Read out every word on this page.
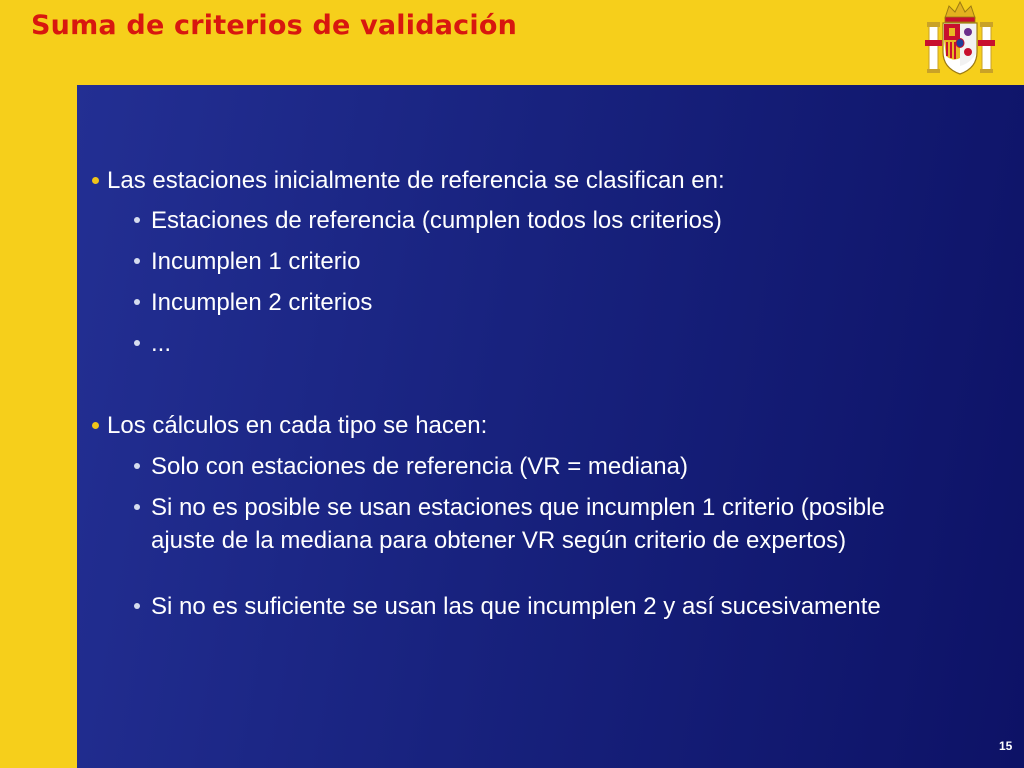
Suma de criterios de validación
Las estaciones inicialmente de referencia se clasifican en:
Estaciones de referencia (cumplen todos los criterios)
Incumplen 1 criterio
Incumplen 2 criterios
...
Los cálculos en cada tipo se hacen:
Solo con estaciones de referencia (VR = mediana)
Si no es posible se usan estaciones que incumplen 1 criterio (posible ajuste de la mediana para obtener VR según criterio de expertos)
Si no es suficiente se usan las que incumplen 2 y así sucesivamente
15
